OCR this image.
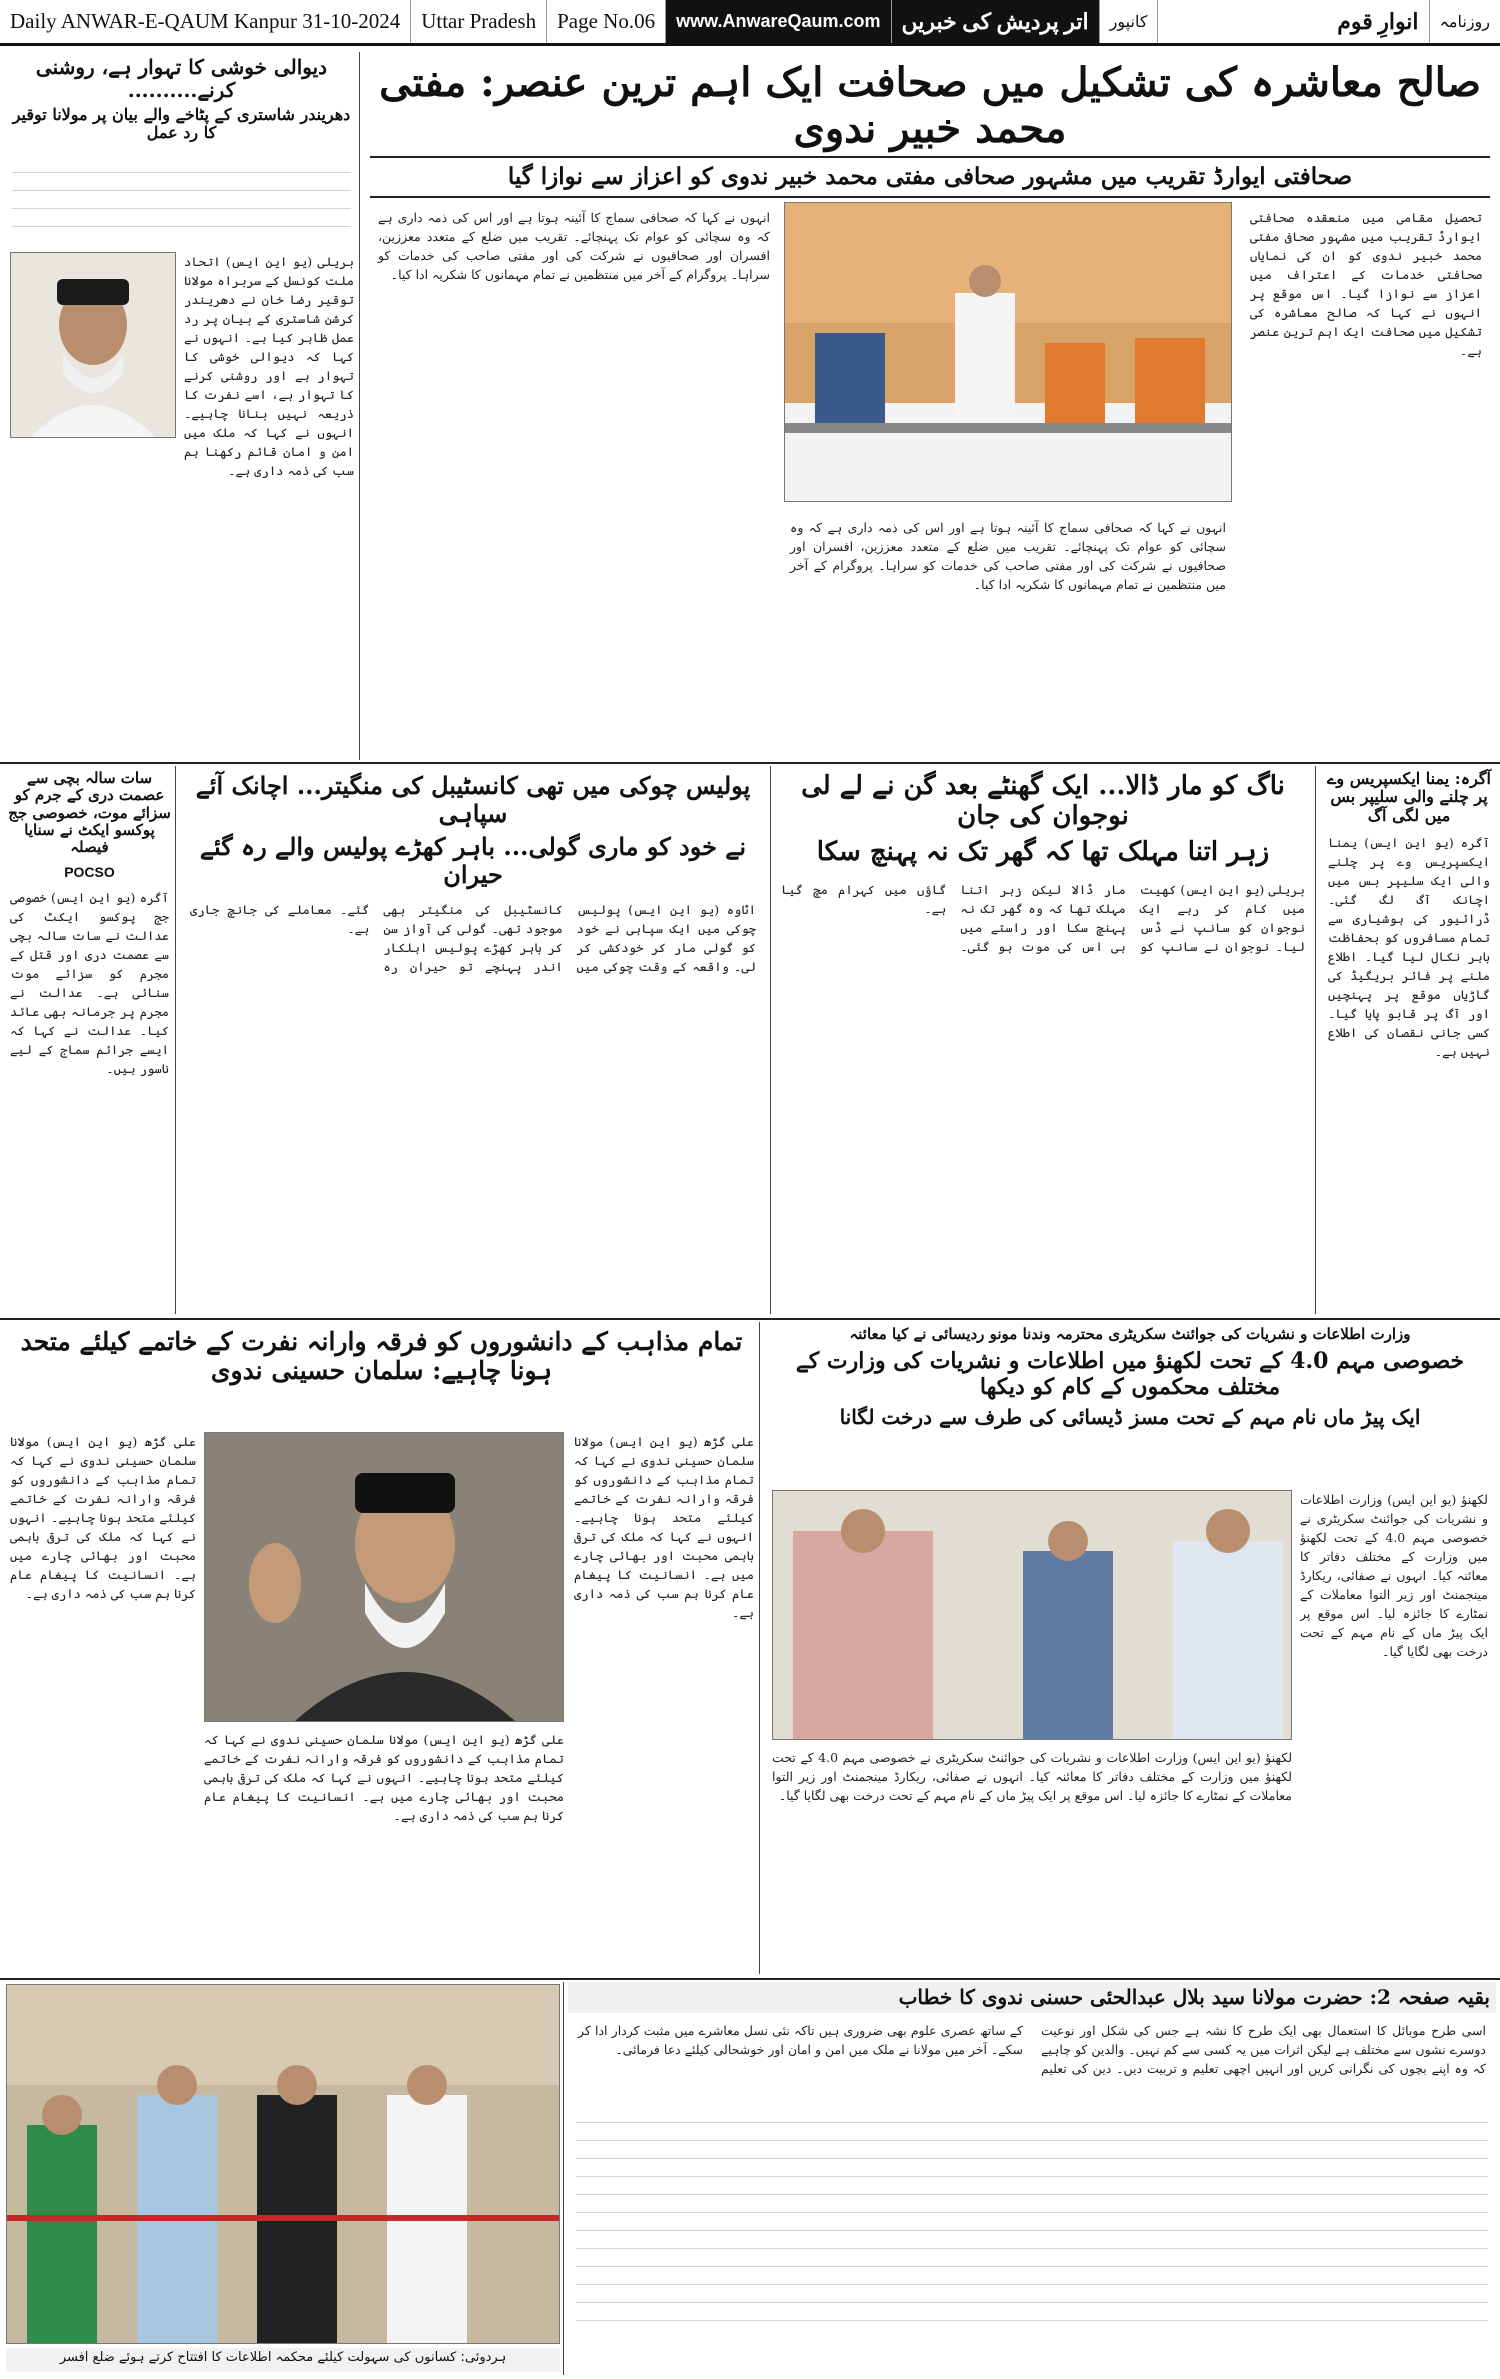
Daily ANWAR-E-QAUM Kanpur
31-10-2024	Uttar Pradesh	Page No.06	www.AnwareQaum.com اتر پردیش کی خبریں	کانپور	انوارِ قوم	روزنامہ
دیوالی خوشی کا تہوار ہے، روشنی کرنے..........
دھریندر شاستری کے پٹاخے والے بیان پر مولانا توقیر کا رد عمل
بریلی (یو این ایس) اتحاد ملت کونسل کے سربراہ مولانا توقیر رضا خان نے دھریندر کرشن شاستری کے بیان پر رد عمل ظاہر کیا ہے۔ انہوں نے کہا کہ دیوالی خوشی کا تہوار ہے اور روشنی کرنے کا تہوار ہے، اسے نفرت کا ذریعہ نہیں بنانا چاہیے۔ انہوں نے کہا کہ ملک میں امن و امان قائم رکھنا ہم سب کی ذمہ داری ہے۔
صالح معاشرہ کی تشکیل میں صحافت ایک اہم ترین عنصر: مفتی محمد خبیر ندوی
صحافتی ایوارڈ تقریب میں مشہور صحافی مفتی محمد خبیر ندوی کو اعزاز سے نوازا گیا
تحصیل مقامی میں منعقدہ صحافتی ایوارڈ تقریب میں مشہور صحافی مفتی محمد خبیر ندوی کو ان کی نمایاں صحافتی خدمات کے اعتراف میں اعزاز سے نوازا گیا۔ اس موقع پر انہوں نے کہا کہ صالح معاشرہ کی تشکیل میں صحافت ایک اہم ترین عنصر ہے۔
انہوں نے کہا کہ صحافی سماج کا آئینہ ہوتا ہے اور اس کی ذمہ داری ہے کہ وہ سچائی کو عوام تک پہنچائے۔ تقریب میں ضلع کے متعدد معززین، افسران اور صحافیوں نے شرکت کی اور مفتی صاحب کی خدمات کو سراہا۔ پروگرام کے آخر میں منتظمین نے تمام مہمانوں کا شکریہ ادا کیا۔
انہوں نے کہا کہ صحافی سماج کا آئینہ ہوتا ہے اور اس کی ذمہ داری ہے کہ وہ سچائی کو عوام تک پہنچائے۔ تقریب میں ضلع کے متعدد معززین، افسران اور صحافیوں نے شرکت کی اور مفتی صاحب کی خدمات کو سراہا۔ پروگرام کے آخر میں منتظمین نے تمام مہمانوں کا شکریہ ادا کیا۔
آگرہ: یمنا ایکسپریس وے پر چلنے والی سلیپر بس میں لگی آگ
آگرہ (یو این ایس) یمنا ایکسپریس وے پر چلنے والی ایک سلیپر بس میں اچانک آگ لگ گئی۔ ڈرائیور کی ہوشیاری سے تمام مسافروں کو بحفاظت باہر نکال لیا گیا۔ اطلاع ملنے پر فائر بریگیڈ کی گاڑیاں موقع پر پہنچیں اور آگ پر قابو پایا گیا۔ کسی جانی نقصان کی اطلاع نہیں ہے۔
ناگ کو مار ڈالا... ایک گھنٹے بعد گن نے لے لی نوجوان کی جان
زہر اتنا مہلک تھا کہ گھر تک نہ پہنچ سکا
بریلی (یو این ایس) کھیت میں کام کر رہے ایک نوجوان کو سانپ نے ڈس لیا۔ نوجوان نے سانپ کو مار ڈالا لیکن زہر اتنا مہلک تھا کہ وہ گھر تک نہ پہنچ سکا اور راستے میں ہی اس کی موت ہو گئی۔ گاؤں میں کہرام مچ گیا ہے۔
پولیس چوکی میں تھی کانسٹیبل کی منگیتر... اچانک آئے سپاہی
نے خود کو ماری گولی... باہر کھڑے پولیس والے رہ گئے حیران
اٹاوہ (یو این ایس) پولیس چوکی میں ایک سپاہی نے خود کو گولی مار کر خودکشی کر لی۔ واقعہ کے وقت چوکی میں کانسٹیبل کی منگیتر بھی موجود تھی۔ گولی کی آواز سن کر باہر کھڑے پولیس اہلکار اندر پہنچے تو حیران رہ گئے۔ معاملے کی جانچ جاری ہے۔
سات سالہ بچی سے عصمت دری کے جرم کو سزائے موت، خصوصی جج پوکسو ایکٹ نے سنایا فیصلہ
POCSO
آگرہ (یو این ایس) خصوصی جج پوکسو ایکٹ کی عدالت نے سات سالہ بچی سے عصمت دری اور قتل کے مجرم کو سزائے موت سنائی ہے۔ عدالت نے مجرم پر جرمانہ بھی عائد کیا۔ عدالت نے کہا کہ ایسے جرائم سماج کے لیے ناسور ہیں۔
تمام مذاہب کے دانشوروں کو فرقہ وارانہ نفرت کے خاتمے کیلئے متحد ہونا چاہیے: سلمان حسینی ندوی
علی گڑھ (یو این ایس) مولانا سلمان حسینی ندوی نے کہا کہ تمام مذاہب کے دانشوروں کو فرقہ وارانہ نفرت کے خاتمے کیلئے متحد ہونا چاہیے۔ انہوں نے کہا کہ ملک کی ترقی باہمی محبت اور بھائی چارے میں ہے۔ انسانیت کا پیغام عام کرنا ہم سب کی ذمہ داری ہے۔
علی گڑھ (یو این ایس) مولانا سلمان حسینی ندوی نے کہا کہ تمام مذاہب کے دانشوروں کو فرقہ وارانہ نفرت کے خاتمے کیلئے متحد ہونا چاہیے۔ انہوں نے کہا کہ ملک کی ترقی باہمی محبت اور بھائی چارے میں ہے۔ انسانیت کا پیغام عام کرنا ہم سب کی ذمہ داری ہے۔
علی گڑھ (یو این ایس) مولانا سلمان حسینی ندوی نے کہا کہ تمام مذاہب کے دانشوروں کو فرقہ وارانہ نفرت کے خاتمے کیلئے متحد ہونا چاہیے۔ انہوں نے کہا کہ ملک کی ترقی باہمی محبت اور بھائی چارے میں ہے۔ انسانیت کا پیغام عام کرنا ہم سب کی ذمہ داری ہے۔
وزارت اطلاعات و نشریات کی جوائنٹ سکریٹری محترمہ وندنا مونو ردیسائی نے کیا معائنہ
خصوصی مہم 4.0 کے تحت لکھنؤ میں اطلاعات و نشریات کی وزارت کے مختلف محکموں کے کام کو دیکھا
ایک پیڑ ماں نام مہم کے تحت مسز ڈیسائی کی طرف سے درخت لگانا
لکھنؤ (یو این ایس) وزارت اطلاعات و نشریات کی جوائنٹ سکریٹری نے خصوصی مہم 4.0 کے تحت لکھنؤ میں وزارت کے مختلف دفاتر کا معائنہ کیا۔ انہوں نے صفائی، ریکارڈ مینجمنٹ اور زیر التوا معاملات کے نمٹارے کا جائزہ لیا۔ اس موقع پر ایک پیڑ ماں کے نام مہم کے تحت درخت بھی لگایا گیا۔
لکھنؤ (یو این ایس) وزارت اطلاعات و نشریات کی جوائنٹ سکریٹری نے خصوصی مہم 4.0 کے تحت لکھنؤ میں وزارت کے مختلف دفاتر کا معائنہ کیا۔ انہوں نے صفائی، ریکارڈ مینجمنٹ اور زیر التوا معاملات کے نمٹارے کا جائزہ لیا۔ اس موقع پر ایک پیڑ ماں کے نام مہم کے تحت درخت بھی لگایا گیا۔
ہردوئی: کسانوں کی سہولت کیلئے محکمہ اطلاعات کا افتتاح کرتے ہوئے ضلع افسر
بقیہ صفحہ 2: حضرت مولانا سید بلال عبدالحئی حسنی ندوی کا خطاب
اسی طرح موبائل کا استعمال بھی ایک طرح کا نشہ ہے جس کی شکل اور نوعیت دوسرے نشوں سے مختلف ہے لیکن اثرات میں یہ کسی سے کم نہیں۔ والدین کو چاہیے کہ وہ اپنے بچوں کی نگرانی کریں اور انہیں اچھی تعلیم و تربیت دیں۔ دین کی تعلیم کے ساتھ عصری علوم بھی ضروری ہیں تاکہ نئی نسل معاشرے میں مثبت کردار ادا کر سکے۔ آخر میں مولانا نے ملک میں امن و امان اور خوشحالی کیلئے دعا فرمائی۔
